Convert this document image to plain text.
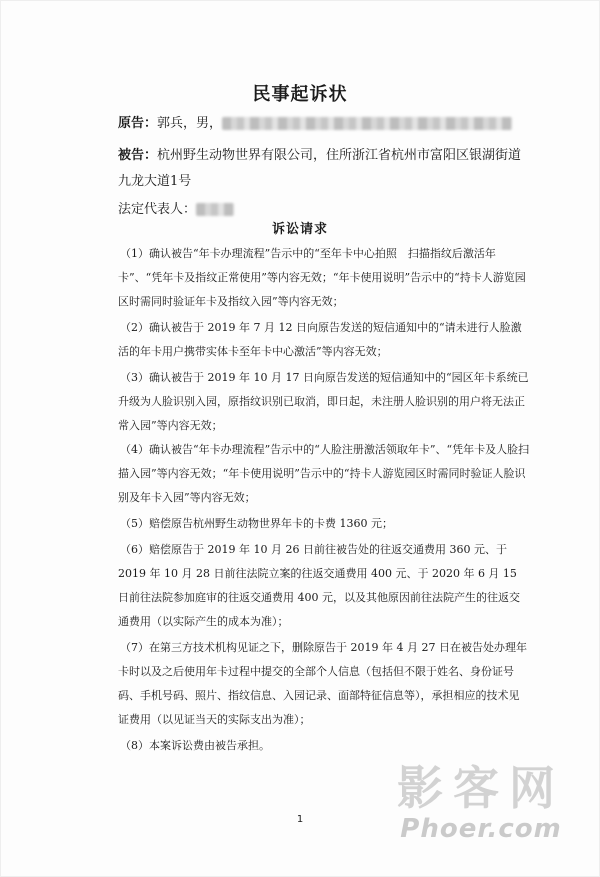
民事起诉状
原告：郭兵，男，
被告：杭州野生动物世界有限公司，住所浙江省杭州市富阳区银湖街道九龙大道1号
法定代表人：
诉讼请求
（1）确认被告“年卡办理流程”告示中的“至年卡中心拍照　扫描指纹后激活年卡”、“凭年卡及指纹正常使用”等内容无效；“年卡使用说明”告示中的“持卡人游览园区时需同时验证年卡及指纹入园”等内容无效；
（2）确认被告于 2019 年 7 月 12 日向原告发送的短信通知中的“请未进行人脸激活的年卡用户携带实体卡至年卡中心激活”等内容无效；
（3）确认被告于 2019 年 10 月 17 日向原告发送的短信通知中的“园区年卡系统已升级为人脸识别入园，原指纹识别已取消，即日起，未注册人脸识别的用户将无法正常入园”等内容无效；
（4）确认被告“年卡办理流程”告示中的“人脸注册激活领取年卡”、“凭年卡及人脸扫描入园”等内容无效；“年卡使用说明”告示中的“持卡人游览园区时需同时验证人脸识别及年卡入园”等内容无效；
（5）赔偿原告杭州野生动物世界年卡的卡费 1360 元；
（6）赔偿原告于 2019 年 10 月 26 日前往被告处的往返交通费用 360 元、于 2019 年 10 月 28 日前往法院立案的往返交通费用 400 元、于 2020 年 6 月 15 日前往法院参加庭审的往返交通费用 400 元，以及其他原因前往法院产生的往返交通费用（以实际产生的成本为准）；
（7）在第三方技术机构见证之下，删除原告于 2019 年 4 月 27 日在被告处办理年卡时以及之后使用年卡过程中提交的全部个人信息（包括但不限于姓名、身份证号码、手机号码、照片、指纹信息、入园记录、面部特征信息等），承担相应的技术见证费用（以见证当天的实际支出为准）；
（8）本案诉讼费由被告承担。
1
影客网
Phoer.com
